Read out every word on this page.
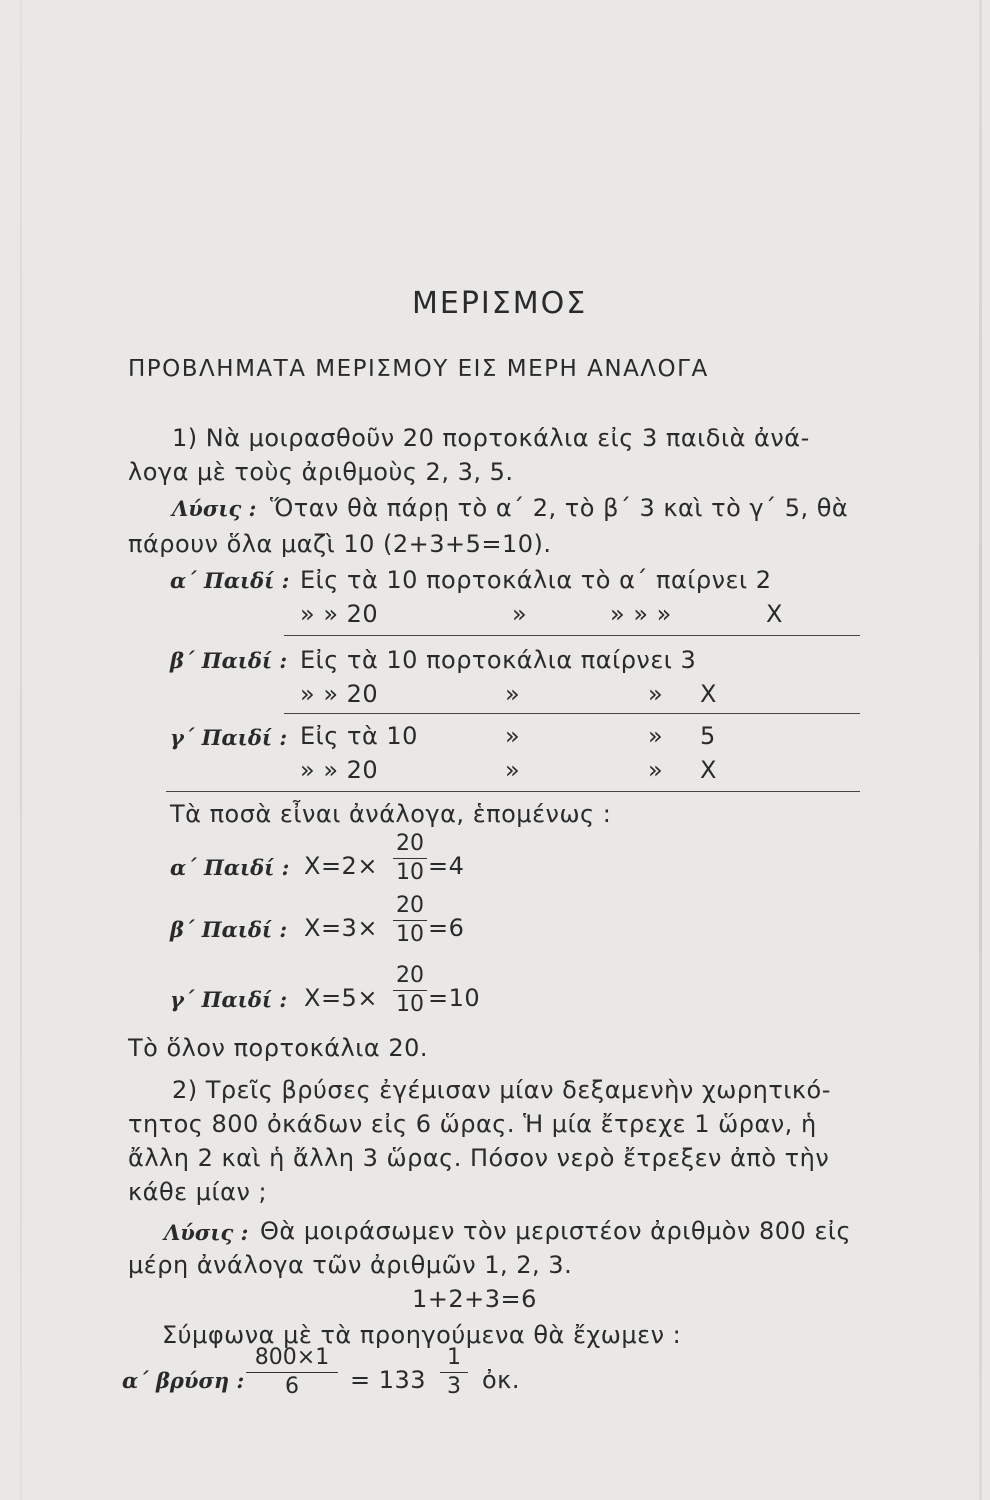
ΜΕΡΙΣΜΟΣ
ΠΡΟΒΛΗΜΑΤΑ ΜΕΡΙΣΜΟΥ ΕΙΣ ΜΕΡΗ ΑΝΑΛΟΓΑ
1) Νὰ μοιρασθοῦν 20 πορτοκάλια εἰς 3 παιδιὰ ἀνά-
λογα μὲ τοὺς ἀριθμοὺς 2, 3, 5.
Λύσις : Ὅταν θὰ πάρῃ τὸ α΄ 2, τὸ β΄ 3 καὶ τὸ γ΄ 5, θὰ
πάρουν ὅλα μαζὶ 10 (2+3+5=10).
α΄ Παιδί : Εἰς τὰ 10 πορτοκάλια τὸ α΄ παίρνει 2
» » 20	»	» » »	X
β΄ Παιδί : Εἰς τὰ 10 πορτοκάλια παίρνει 3
» » 20	»	» X
γ΄ Παιδί : Εἰς τὰ 10	»	» 5
» » 20	»	» X
Τὰ ποσὰ εἶναι ἀνάλογα, ἑπομένως :
α΄ Παιδί : X=2×
20
10 =4
β΄ Παιδί : X=3×
20
10 =6
γ΄ Παιδί : X=5×
20
10 =10
Τὸ ὅλον πορτοκάλια 20.
2) Τρεῖς βρύσες ἐγέμισαν μίαν δεξαμενὴν χωρητικό-
τητος 800 ὀκάδων εἰς 6 ὥρας. Ἡ μία ἔτρεχε 1 ὥραν, ἡ
ἄλλη 2 καὶ ἡ ἄλλη 3 ὥρας. Πόσον νερὸ ἔτρεξεν ἀπὸ τὴν
κάθε μίαν ;
Λύσις : Θὰ μοιράσωμεν τὸν μεριστέον ἀριθμὸν 800 εἰς
μέρη ἀνάλογα τῶν ἀριθμῶν 1, 2, 3.
1+2+3=6
Σύμφωνα μὲ τὰ προηγούμενα θὰ ἔχωμεν :
α΄ βρύση :
800×1
6	= 133
1
3 ὀκ.
